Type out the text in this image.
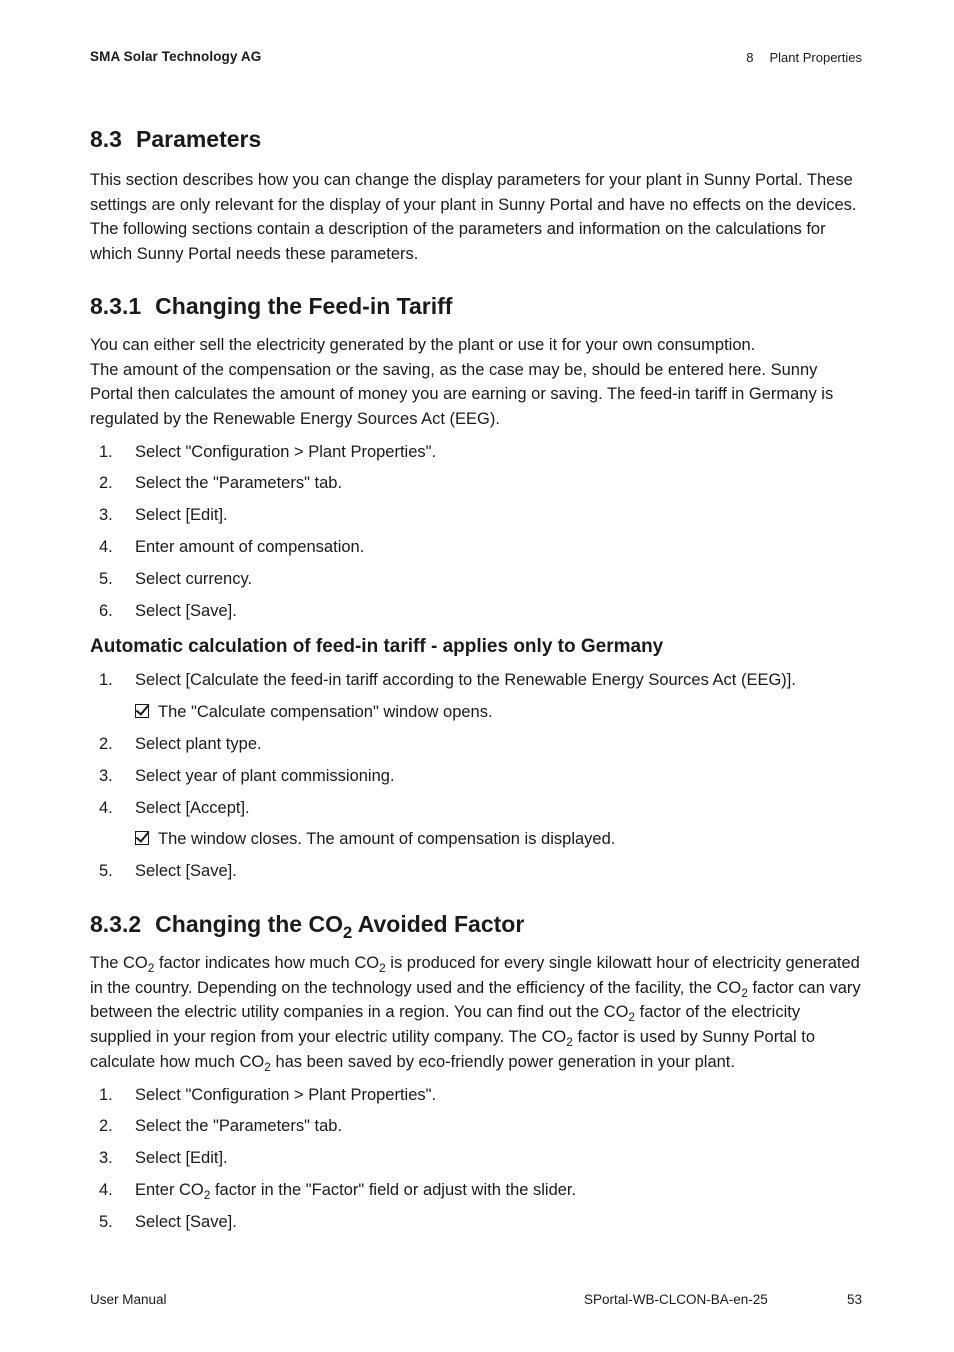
SMA Solar Technology AG	8 Plant Properties
8.3 Parameters

This section describes how you can change the display parameters for your plant in Sunny Portal. These settings are only relevant for the display of your plant in Sunny Portal and have no effects on the devices. The following sections contain a description of the parameters and information on the calculations for which Sunny Portal needs these parameters.

8.3.1 Changing the Feed-in Tariff

You can either sell the electricity generated by the plant or use it for your own consumption.

The amount of the compensation or the saving, as the case may be, should be entered here. Sunny Portal then calculates the amount of money you are earning or saving. The feed-in tariff in Germany is regulated by the Renewable Energy Sources Act (EEG).

1. Select "Configuration > Plant Properties".
2. Select the "Parameters" tab.
3. Select [Edit].
4. Enter amount of compensation.
5. Select currency.
6. Select [Save].
Automatic calculation of feed-in tariff - applies only to Germany
1. Select [Calculate the feed-in tariff according to the Renewable Energy Sources Act (EEG)].
The "Calculate compensation" window opens.
2. Select plant type.
3. Select year of plant commissioning.
4. Select [Accept].
The window closes. The amount of compensation is displayed.
5. Select [Save].
8.3.2 Changing the $CO_2$ Avoided Factor

The $CO_2$ factor indicates how much $CO_2$ is produced for every single kilowatt hour of electricity generated in the country. Depending on the technology used and the efficiency of the facility, the $CO_2$ factor can vary between the electric utility companies in a region. You can find out the $CO_2$ factor of the electricity supplied in your region from your electric utility company. The $CO_2$ factor is used by Sunny Portal to calculate how much $CO_2$ has been saved by eco-friendly power generation in your plant.

1. Select "Configuration > Plant Properties".
2. Select the "Parameters" tab.
3. Select [Edit].
4. Enter $CO_2$ factor in the "Factor" field or adjust with the slider.
5. Select [Save].
User Manual	SPortal-WB-CLCON-BA-en-25	53
